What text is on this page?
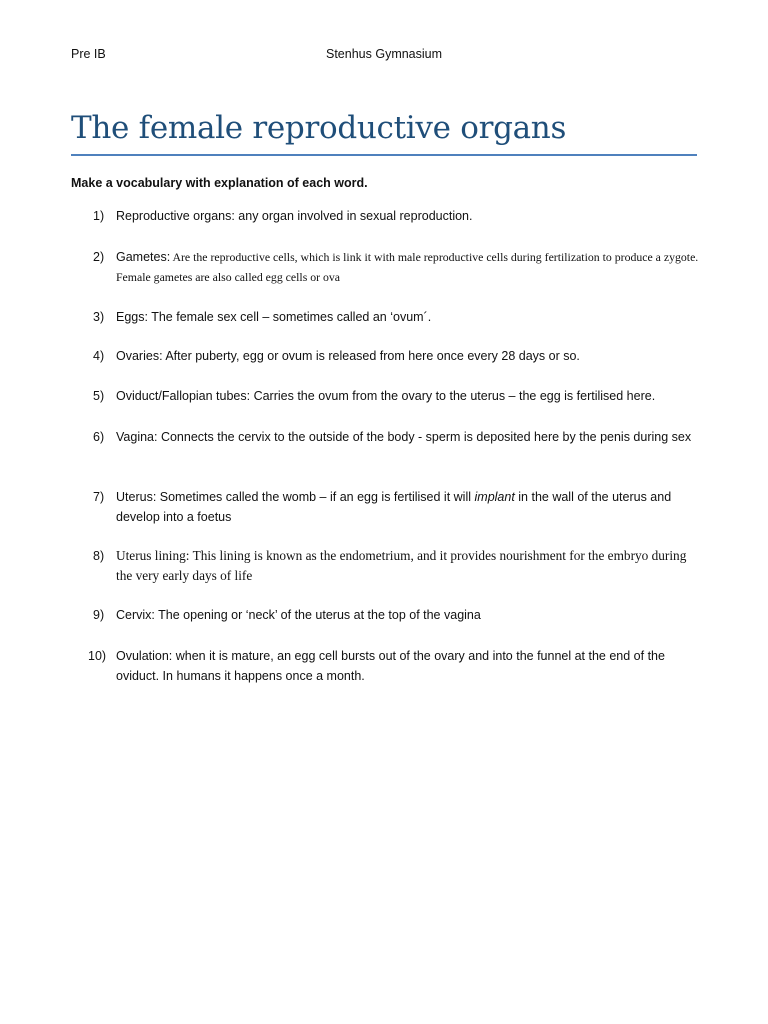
Pre IB	Stenhus Gymnasium
The female reproductive organs
Make a vocabulary with explanation of each word.
1) Reproductive organs: any organ involved in sexual reproduction.
2) Gametes: Are the reproductive cells, which is link it with male reproductive cells during fertilization to produce a zygote. Female gametes are also called egg cells or ova
3) Eggs: The female sex cell – sometimes called an ‘ovum´.
4) Ovaries: After puberty, egg or ovum is released from here once every 28 days or so.
5) Oviduct/Fallopian tubes: Carries the ovum from the ovary to the uterus – the egg is fertilised here.
6) Vagina: Connects the cervix to the outside of the body - sperm is deposited here by the penis during sex
7) Uterus: Sometimes called the womb – if an egg is fertilised it will implant in the wall of the uterus and develop into a foetus
8) Uterus lining: This lining is known as the endometrium, and it provides nourishment for the embryo during the very early days of life
9) Cervix: The opening or ‘neck’ of the uterus at the top of the vagina
10) Ovulation: when it is mature, an egg cell bursts out of the ovary and into the funnel at the end of the oviduct. In humans it happens once a month.
